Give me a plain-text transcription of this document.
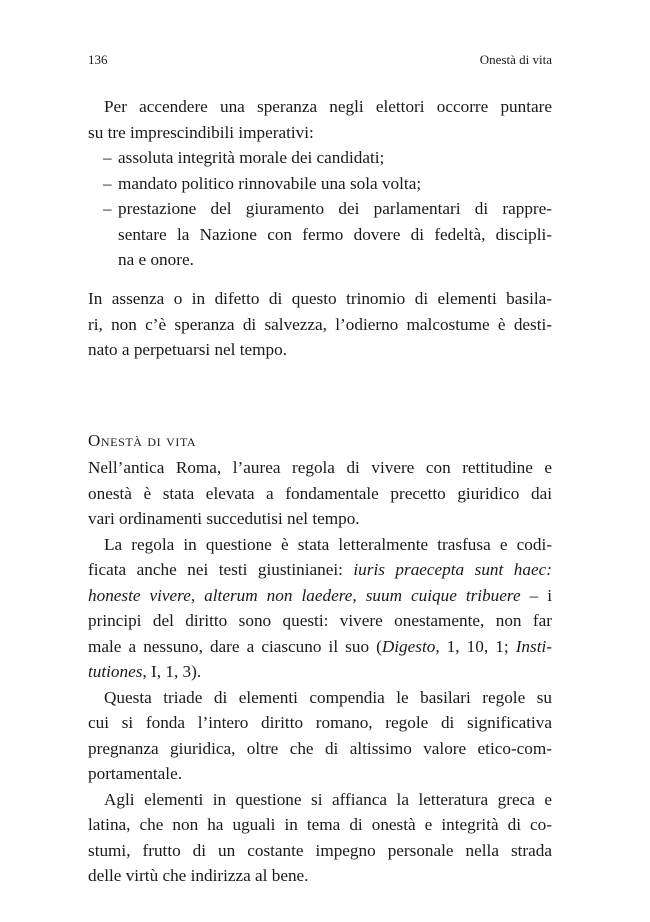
136	Onestà di vita
Per accendere una speranza negli elettori occorre puntare
su tre imprescindibili imperativi:
– assoluta integrità morale dei candidati;
– mandato politico rinnovabile una sola volta;
– prestazione del giuramento dei parlamentari di rappre-
sentare la Nazione con fermo dovere di fedeltà, discipli-
na e onore.
In assenza o in difetto di questo trinomio di elementi basila-
ri, non c’è speranza di salvezza, l’odierno malcostume è desti-
nato a perpetuarsi nel tempo.
Onestà di vita
Nell’antica Roma, l’aurea regola di vivere con rettitudine e
onestà è stata elevata a fondamentale precetto giuridico dai
vari ordinamenti succedutisi nel tempo.
La regola in questione è stata letteralmente trasfusa e codi-
ficata anche nei testi giustinianei: iuris praecepta sunt haec:
honeste vivere, alterum non laedere, suum cuique tribuere – i
principi del diritto sono questi: vivere onestamente, non far
male a nessuno, dare a ciascuno il suo (Digesto, 1, 10, 1; Insti-
tutiones, I, 1, 3).
Questa triade di elementi compendia le basilari regole su
cui si fonda l’intero diritto romano, regole di significativa
pregnanza giuridica, oltre che di altissimo valore etico-com-
portamentale.
Agli elementi in questione si affianca la letteratura greca e
latina, che non ha uguali in tema di onestà e integrità di co-
stumi, frutto di un costante impegno personale nella strada
delle virtù che indirizza al bene.
